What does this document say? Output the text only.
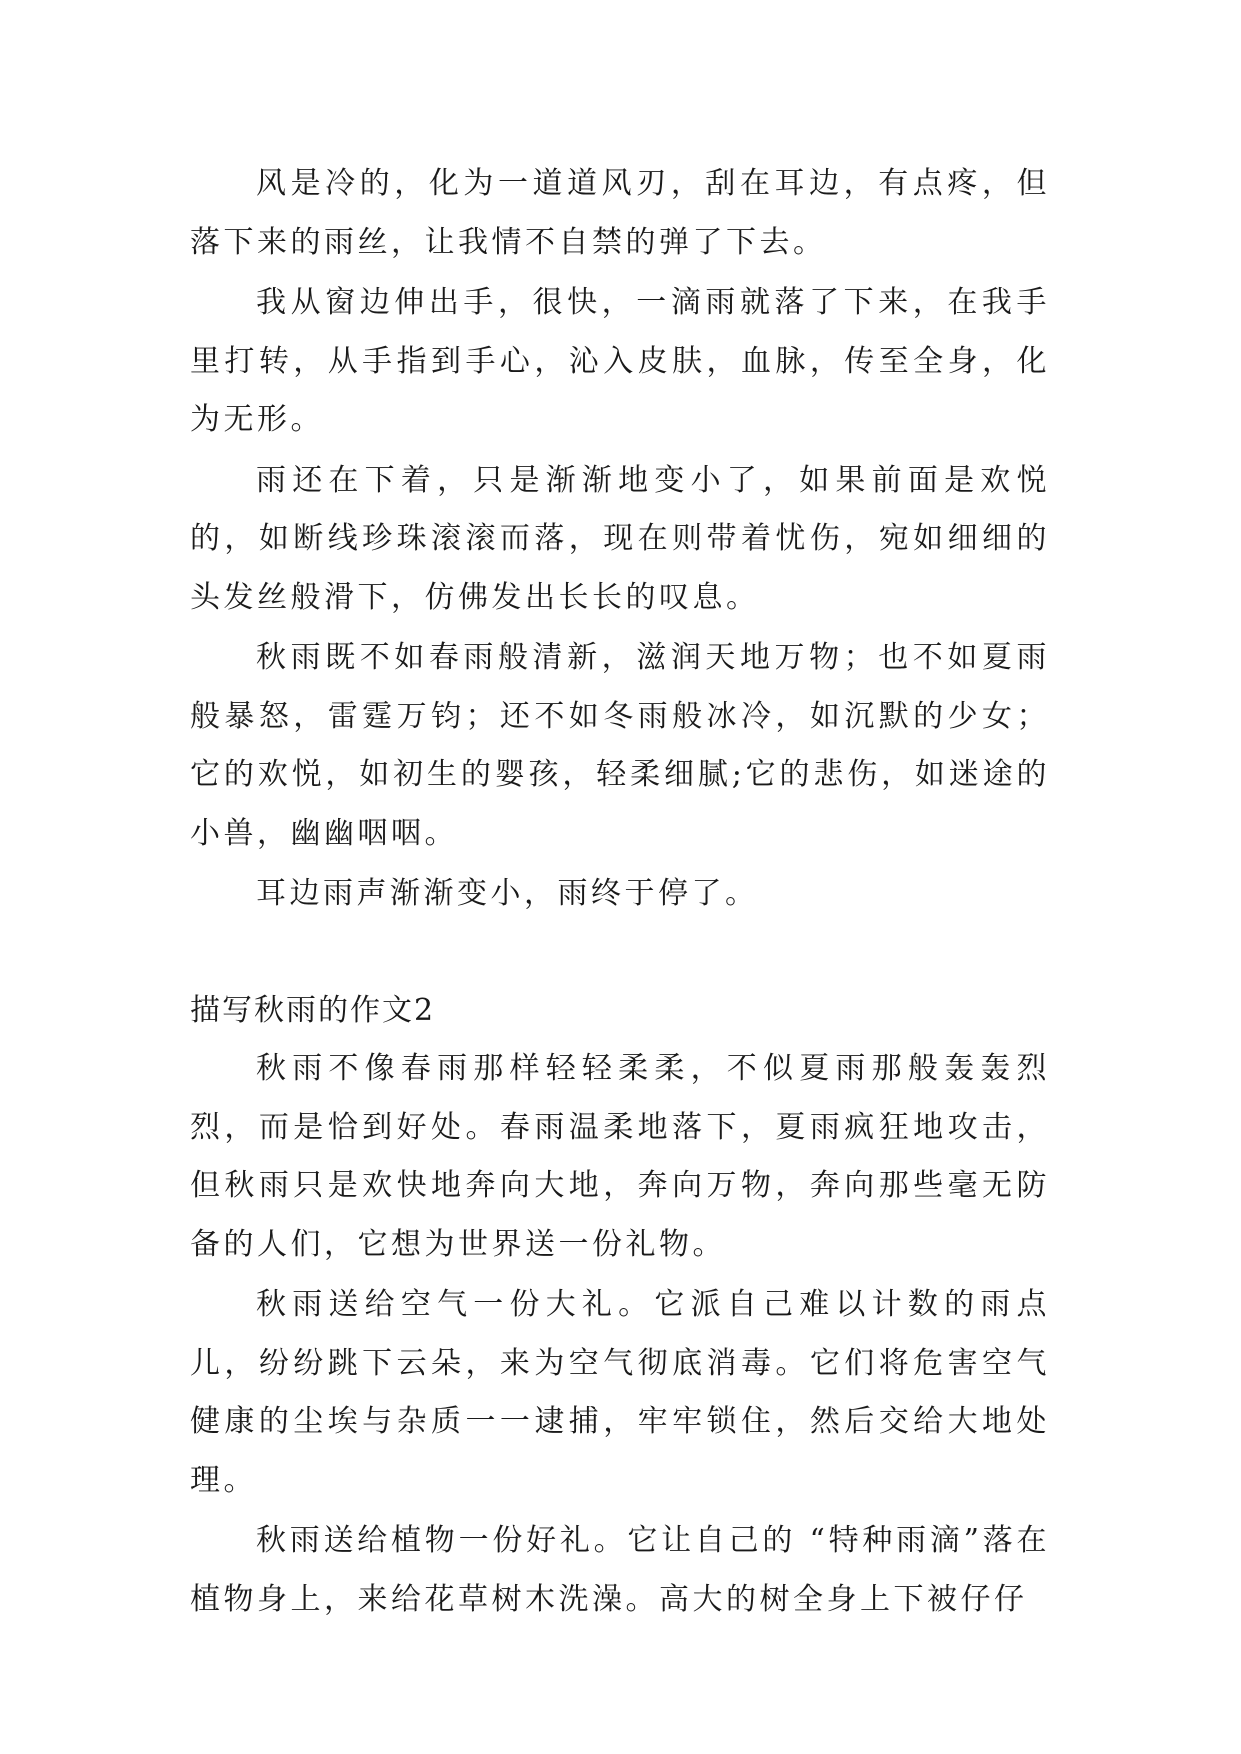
风是冷的，化为一道道风刃，刮在耳边，有点疼，但落下来的雨丝，让我情不自禁的弹了下去。

我从窗边伸出手，很快，一滴雨就落了下来，在我手里打转，从手指到手心，沁入皮肤，血脉，传至全身，化为无形。

雨还在下着，只是渐渐地变小了，如果前面是欢悦的，如断线珍珠滚滚而落，现在则带着忧伤，宛如细细的头发丝般滑下，仿佛发出长长的叹息。

秋雨既不如春雨般清新，滋润天地万物；也不如夏雨般暴怒，雷霆万钧；还不如冬雨般冰冷，如沉默的少女；它的欢悦，如初生的婴孩，轻柔细腻;它的悲伤，如迷途的小兽，幽幽咽咽。

耳边雨声渐渐变小，雨终于停了。

描写秋雨的作文2

秋雨不像春雨那样轻轻柔柔，不似夏雨那般轰轰烈烈，而是恰到好处。春雨温柔地落下，夏雨疯狂地攻击，但秋雨只是欢快地奔向大地，奔向万物，奔向那些毫无防备的人们，它想为世界送一份礼物。

秋雨送给空气一份大礼。它派自己难以计数的雨点儿，纷纷跳下云朵，来为空气彻底消毒。它们将危害空气健康的尘埃与杂质一一逮捕，牢牢锁住，然后交给大地处理。

秋雨送给植物一份好礼。它让自己的 “特种雨滴”落在植物身上，来给花草树木洗澡。高大的树全身上下被仔仔
